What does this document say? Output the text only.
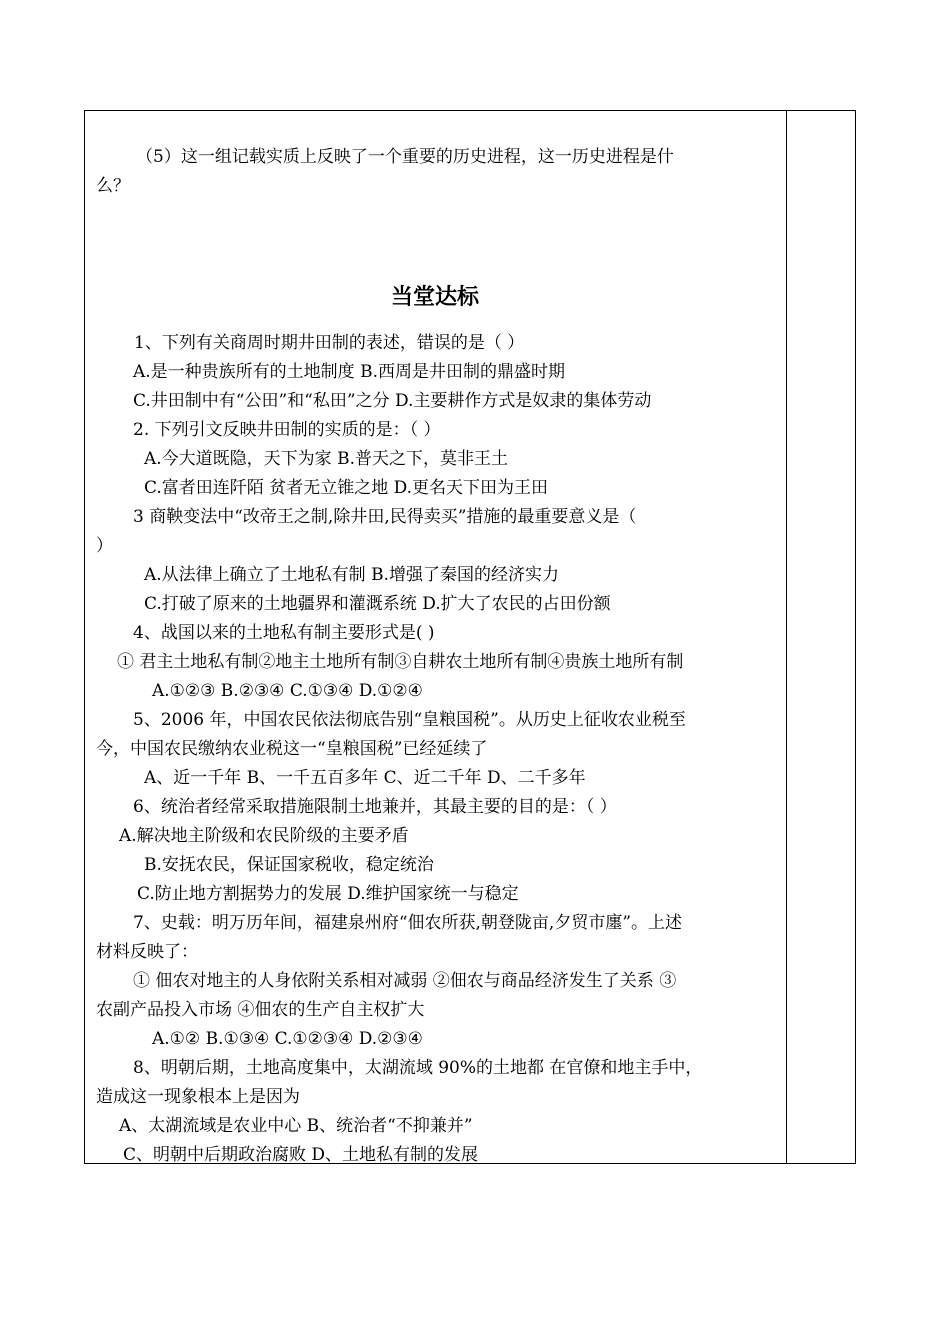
（5）这一组记载实质上反映了一个重要的历史进程，这一历史进程是什
么？
当堂达标
1、下列有关商周时期井田制的表述，错误的是（ ）
A.是一种贵族所有的土地制度 B.西周是井田制的鼎盛时期
C.井田制中有“公田”和“私田”之分 D.主要耕作方式是奴隶的集体劳动
2. 下列引文反映井田制的实质的是：（ ）
A.今大道既隐，天下为家 B.普天之下，莫非王土
C.富者田连阡陌 贫者无立锥之地 D.更名天下田为王田
3 商鞅变法中“改帝王之制,除井田,民得卖买”措施的最重要意义是（
）
A.从法律上确立了土地私有制 B.增强了秦国的经济实力
C.打破了原来的土地疆界和灌溉系统 D.扩大了农民的占田份额
4、战国以来的土地私有制主要形式是( )
① 君主土地私有制②地主土地所有制③自耕农土地所有制④贵族土地所有制
A.①②③ B.②③④ C.①③④ D.①②④
5、2006 年，中国农民依法彻底告别“皇粮国税”。从历史上征收农业税至
今，中国农民缴纳农业税这一“皇粮国税”已经延续了
A、近一千年 B、一千五百多年 C、近二千年 D、二千多年
6、统治者经常采取措施限制土地兼并，其最主要的目的是：（ ）
A.解决地主阶级和农民阶级的主要矛盾
B.安抚农民，保证国家税收，稳定统治
C.防止地方割据势力的发展 D.维护国家统一与稳定
7、史载：明万历年间，福建泉州府“佃农所获,朝登陇亩,夕贸市廛”。上述
材料反映了：
① 佃农对地主的人身依附关系相对减弱 ②佃农与商品经济发生了关系 ③
农副产品投入市场 ④佃农的生产自主权扩大
A.①② B.①③④ C.①②③④ D.②③④
8、明朝后期，土地高度集中，太湖流域 90%的土地都 在官僚和地主手中，
造成这一现象根本上是因为
A、太湖流域是农业中心 B、统治者“不抑兼并”
C、明朝中后期政治腐败 D、土地私有制的发展
